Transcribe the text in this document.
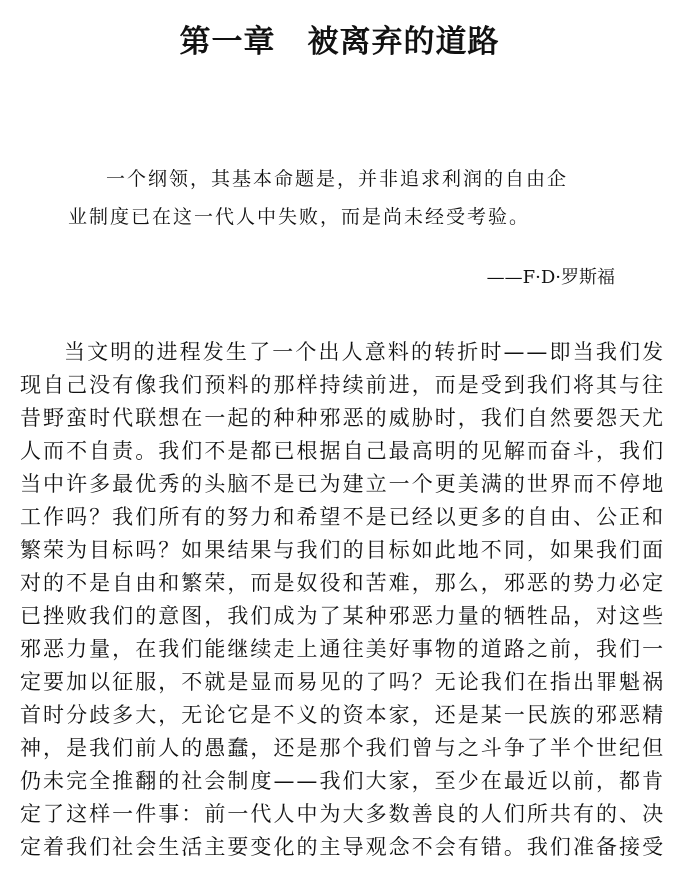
第一章　被离弃的道路
一个纲领，其基本命题是，并非追求利润的自由企
业制度已在这一代人中失败，而是尚未经受考验。
——F·D·罗斯福
当文明的进程发生了一个出人意料的转折时——即当我们发
现自己没有像我们预料的那样持续前进，而是受到我们将其与往
昔野蛮时代联想在一起的种种邪恶的威胁时，我们自然要怨天尤
人而不自责。我们不是都已根据自己最高明的见解而奋斗，我们
当中许多最优秀的头脑不是已为建立一个更美满的世界而不停地
工作吗？我们所有的努力和希望不是已经以更多的自由、公正和
繁荣为目标吗？如果结果与我们的目标如此地不同，如果我们面
对的不是自由和繁荣，而是奴役和苦难，那么，邪恶的势力必定
已挫败我们的意图，我们成为了某种邪恶力量的牺牲品，对这些
邪恶力量，在我们能继续走上通往美好事物的道路之前，我们一
定要加以征服，不就是显而易见的了吗？无论我们在指出罪魁祸
首时分歧多大，无论它是不义的资本家，还是某一民族的邪恶精
神，是我们前人的愚蠢，还是那个我们曾与之斗争了半个世纪但
仍未完全推翻的社会制度——我们大家，至少在最近以前，都肯
定了这样一件事：前一代人中为大多数善良的人们所共有的、决
定着我们社会生活主要变化的主导观念不会有错。我们准备接受
